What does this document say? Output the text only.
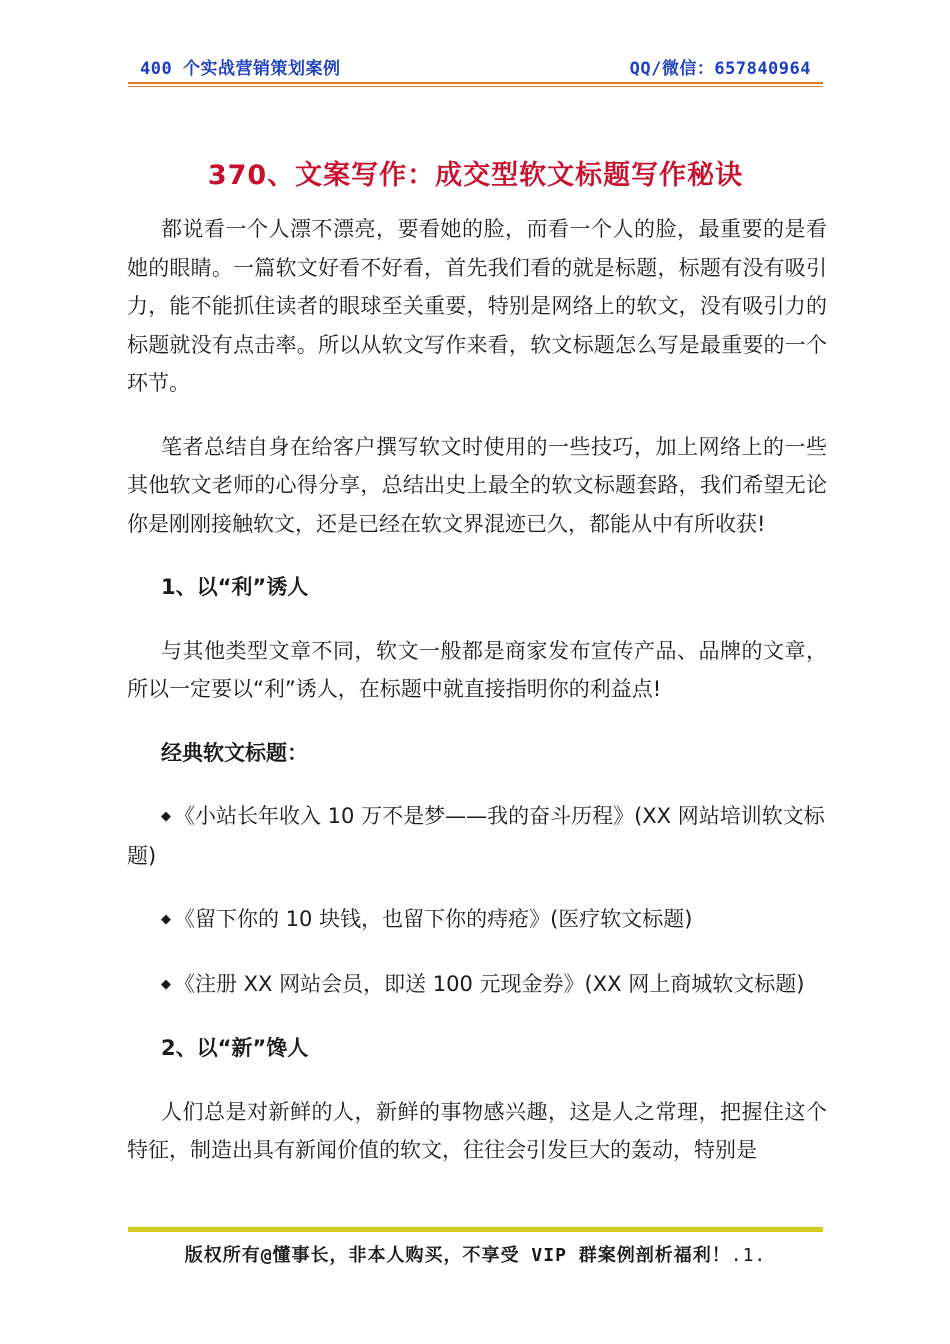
400 个实战营销策划案例	QQ/微信：657840964
370、文案写作：成交型软文标题写作秘诀

都说看一个人漂不漂亮，要看她的脸，而看一个人的脸，最重要的是看她的眼睛。一篇软文好看不好看，首先我们看的就是标题，标题有没有吸引力，能不能抓住读者的眼球至关重要，特别是网络上的软文，没有吸引力的标题就没有点击率。所以从软文写作来看，软文标题怎么写是最重要的一个环节。

笔者总结自身在给客户撰写软文时使用的一些技巧，加上网络上的一些其他软文老师的心得分享，总结出史上最全的软文标题套路，我们希望无论你是刚刚接触软文，还是已经在软文界混迹已久，都能从中有所收获!

1、以“利”诱人

与其他类型文章不同，软文一般都是商家发布宣传产品、品牌的文章，所以一定要以“利”诱人，在标题中就直接指明你的利益点!

经典软文标题：

◆ 《小站长年收入 10 万不是梦——我的奋斗历程》(XX 网站培训软文标题)

◆ 《留下你的 10 块钱，也留下你的痔疮》(医疗软文标题)

◆ 《注册 XX 网站会员，即送 100 元现金券》(XX 网上商城软文标题)

2、以“新”馋人

人们总是对新鲜的人，新鲜的事物感兴趣，这是人之常理，把握住这个特征，制造出具有新闻价值的软文，往往会引发巨大的轰动，特别是

版权所有@懂事长，非本人购买，不享受 VIP 群案例剖析福利！.1.
